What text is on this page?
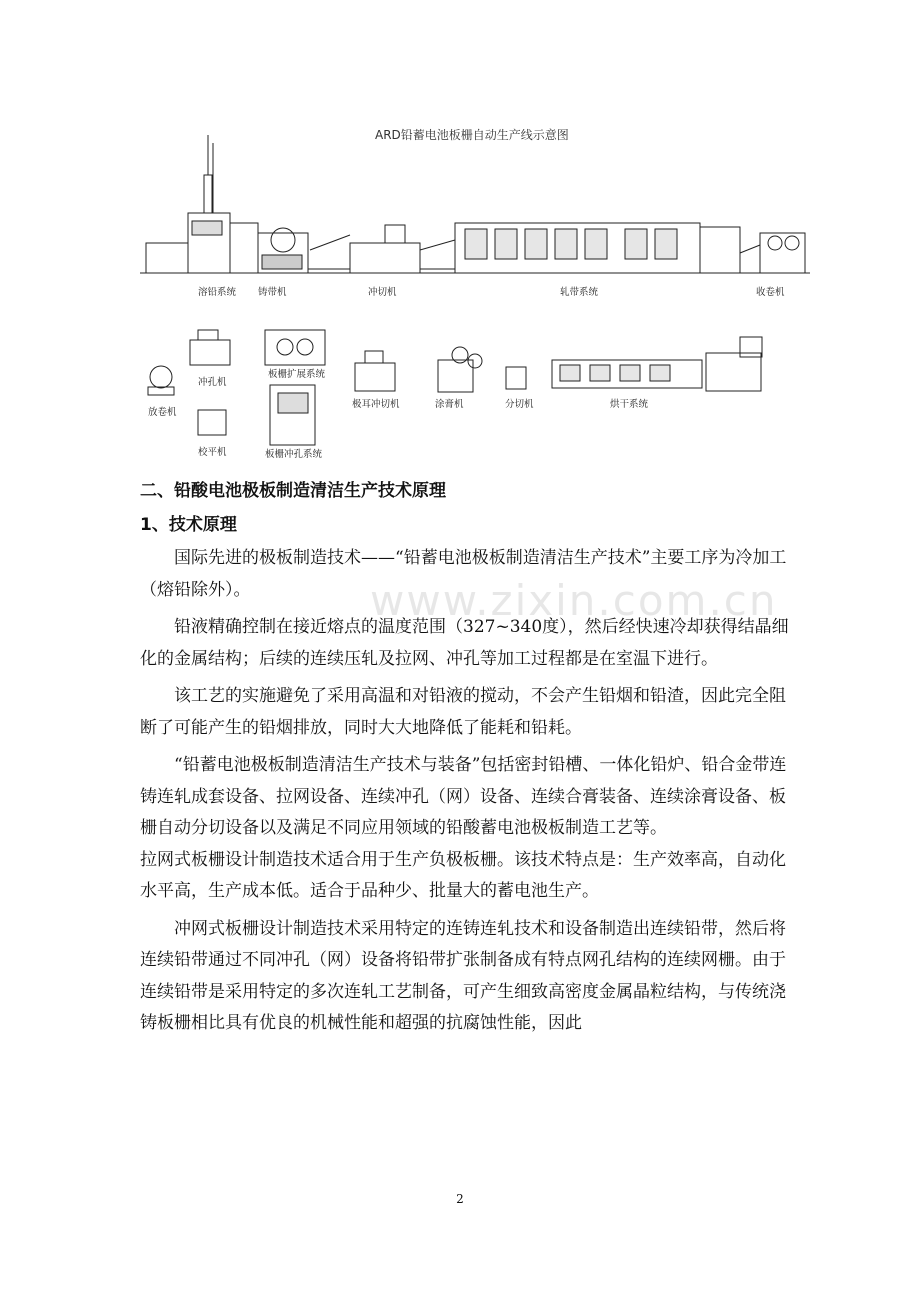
ARD铅蓄电池板栅自动生产线示意图
溶铅系统 铸带机	冲切机	轧带系统	收卷机
放卷机
冲孔机
校平机
板栅扩展系统
板栅冲孔系统
极耳冲切机	涂膏机	分切机	烘干系统
www.zixin.com.cn

二、铅酸电池极板制造清洁生产技术原理

1、技术原理

国际先进的极板制造技术——“铅蓄电池极板制造清洁生产技术”主要工序为冷加工（熔铅除外）。

铅液精确控制在接近熔点的温度范围（327~340度），然后经快速冷却获得结晶细化的金属结构；后续的连续压轧及拉网、冲孔等加工过程都是在室温下进行。

该工艺的实施避免了采用高温和对铅液的搅动，不会产生铅烟和铅渣，因此完全阻断了可能产生的铅烟排放，同时大大地降低了能耗和铅耗。

“铅蓄电池极板制造清洁生产技术与装备”包括密封铅槽、一体化铅炉、铅合金带连铸连轧成套设备、拉网设备、连续冲孔（网）设备、连续合膏装备、连续涂膏设备、板栅自动分切设备以及满足不同应用领域的铅酸蓄电池极板制造工艺等。

拉网式板栅设计制造技术适合用于生产负极板栅。该技术特点是：生产效率高，自动化水平高，生产成本低。适合于品种少、批量大的蓄电池生产。

冲网式板栅设计制造技术采用特定的连铸连轧技术和设备制造出连续铅带，然后将连续铅带通过不同冲孔（网）设备将铅带扩张制备成有特点网孔结构的连续网栅。由于连续铅带是采用特定的多次连轧工艺制备，可产生细致高密度金属晶粒结构，与传统浇铸板栅相比具有优良的机械性能和超强的抗腐蚀性能，因此

2
